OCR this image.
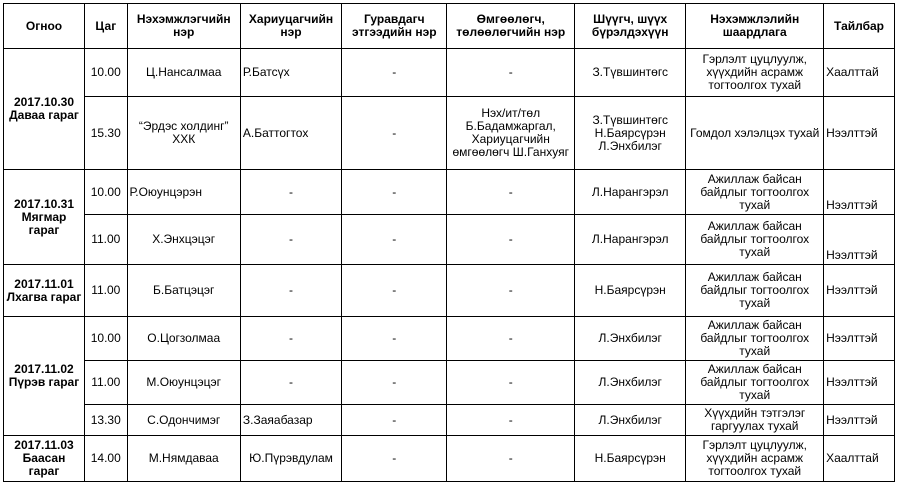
Огноо	Цаг	Нэхэмжлэгчийн нэр	Хариуцагчийн нэр	Гуравдагч этгээдийн нэр	Өмгөөлөгч, төлөөлөгчийн нэр	Шүүгч, шүүх бүрэлдэхүүн	Нэхэмжлэлийн шаардлага	Тайлбар

2017.10.30
Даваа гараг	10.00	Ц.Нансалмаа	Р.Батсүх	-	-	З.Түвшинтөгс	Гэрлэлт цуцлуулж, хүүхдийн асрамж тогтоолгох тухай	Хаалттай
	15.30	“Эрдэс холдинг” ХХК	А.Баттогтох	-	Нэх/ит/төл Б.Бадамжаргал, Хариуцагчийн өмгөөлөгч Ш.Ганхуяг	З.Түвшинтөгс Н.Баярсүрэн Л.Энхбилэг	Гомдол хэлэлцэх тухай	Нээлттэй

2017.10.31
Мягмар гараг	10.00	Р.Оюунцэрэн	-	-	-	Л.Нарангэрэл	Ажиллаж байсан байдлыг тогтоолгох тухай	Нээлттэй
	11.00	Х.Энхцэцэг	-	-	-	Л.Нарангэрэл	Ажиллаж байсан байдлыг тогтоолгох тухай	Нээлттэй

2017.11.01
Лхагва гараг	11.00	Б.Батцэцэг	-	-	-	Н.Баярсүрэн	Ажиллаж байсан байдлыг тогтоолгох тухай	Нээлттэй

2017.11.02
Пүрэв гараг	10.00	О.Цогзолмаа	-	-	-	Л.Энхбилэг	Ажиллаж байсан байдлыг тогтоолгох тухай	Нээлттэй
	11.00	М.Оюунцэцэг	-	-	-	Л.Энхбилэг	Ажиллаж байсан байдлыг тогтоолгох тухай	Нээлттэй
	13.30	С.Одончимэг	З.Заяабазар	-	-	Л.Энхбилэг	Хүүхдийн тэтгэлэг гаргуулах тухай	Нээлттэй

2017.11.03
Баасан гараг	14.00	М.Нямдаваа	Ю.Пүрэвдулам	-	-	Н.Баярсүрэн	Гэрлэлт цуцлуулж, хүүхдийн асрамж тогтоолгох тухай	Хаалттай
